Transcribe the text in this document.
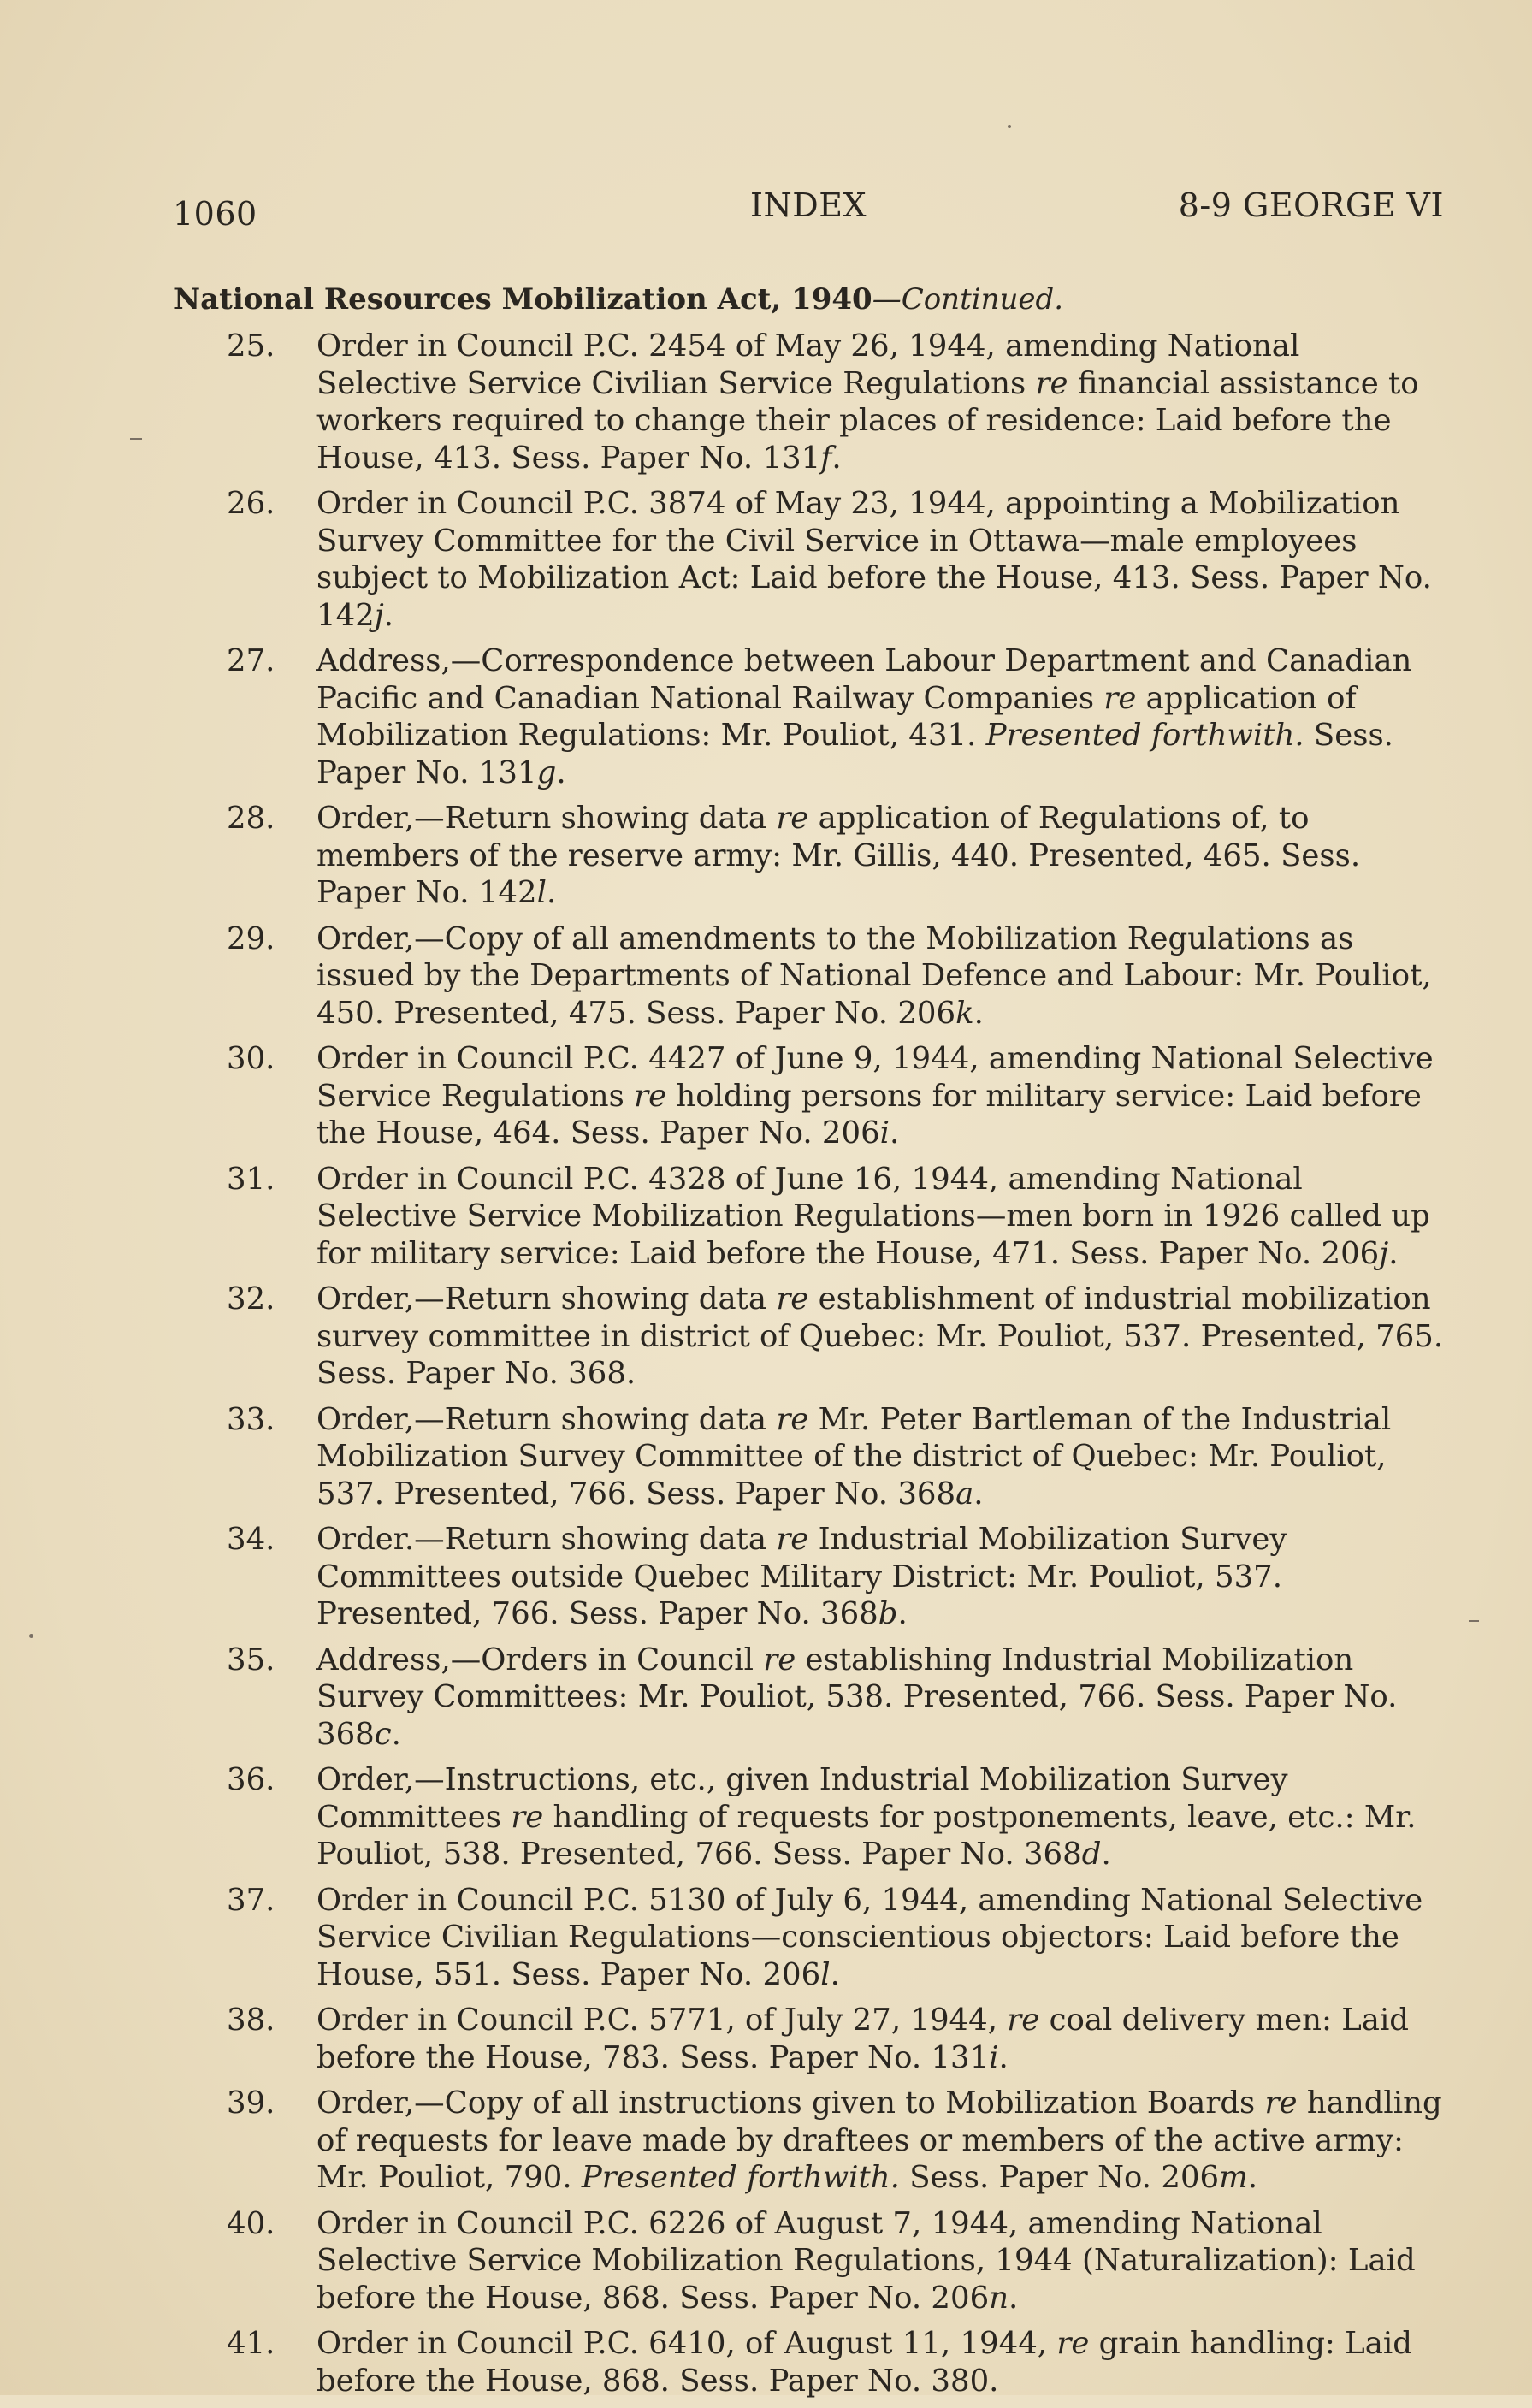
1060	INDEX	8-9 GEORGE VI
National Resources Mobilization Act, 1940—Continued.
25. Order in Council P.C. 2454 of May 26, 1944, amending National Selective Service Civilian Service Regulations re financial assistance to workers required to change their places of residence: Laid before the House, 413. Sess. Paper No. 131f.
26. Order in Council P.C. 3874 of May 23, 1944, appointing a Mobilization Survey Committee for the Civil Service in Ottawa—male employees subject to Mobilization Act: Laid before the House, 413. Sess. Paper No. 142j.
27. Address,—Correspondence between Labour Department and Canadian Pacific and Canadian National Railway Companies re application of Mobilization Regulations: Mr. Pouliot, 431. Presented forthwith. Sess. Paper No. 131g.
28. Order,—Return showing data re application of Regulations of, to members of the reserve army: Mr. Gillis, 440. Presented, 465. Sess. Paper No. 142l.
29. Order,—Copy of all amendments to the Mobilization Regulations as issued by the Departments of National Defence and Labour: Mr. Pouliot, 450. Presented, 475. Sess. Paper No. 206k.
30. Order in Council P.C. 4427 of June 9, 1944, amending National Selective Service Regulations re holding persons for military service: Laid before the House, 464. Sess. Paper No. 206i.
31. Order in Council P.C. 4328 of June 16, 1944, amending National Selective Service Mobilization Regulations—men born in 1926 called up for military service: Laid before the House, 471. Sess. Paper No. 206j.
32. Order,—Return showing data re establishment of industrial mobilization survey committee in district of Quebec: Mr. Pouliot, 537. Presented, 765. Sess. Paper No. 368.
33. Order,—Return showing data re Mr. Peter Bartleman of the Industrial Mobilization Survey Committee of the district of Quebec: Mr. Pouliot, 537. Presented, 766. Sess. Paper No. 368a.
34. Order.—Return showing data re Industrial Mobilization Survey Committees outside Quebec Military District: Mr. Pouliot, 537. Presented, 766. Sess. Paper No. 368b.
35. Address,—Orders in Council re establishing Industrial Mobilization Survey Committees: Mr. Pouliot, 538. Presented, 766. Sess. Paper No. 368c.
36. Order,—Instructions, etc., given Industrial Mobilization Survey Committees re handling of requests for postponements, leave, etc.: Mr. Pouliot, 538. Presented, 766. Sess. Paper No. 368d.
37. Order in Council P.C. 5130 of July 6, 1944, amending National Selective Service Civilian Regulations—conscientious objectors: Laid before the House, 551. Sess. Paper No. 206l.
38. Order in Council P.C. 5771, of July 27, 1944, re coal delivery men: Laid before the House, 783. Sess. Paper No. 131i.
39. Order,—Copy of all instructions given to Mobilization Boards re handling of requests for leave made by draftees or members of the active army: Mr. Pouliot, 790. Presented forthwith. Sess. Paper No. 206m.
40. Order in Council P.C. 6226 of August 7, 1944, amending National Selective Service Mobilization Regulations, 1944 (Naturalization): Laid before the House, 868. Sess. Paper No. 206n.
41. Order in Council P.C. 6410, of August 11, 1944, re grain handling: Laid before the House, 868. Sess. Paper No. 380.
